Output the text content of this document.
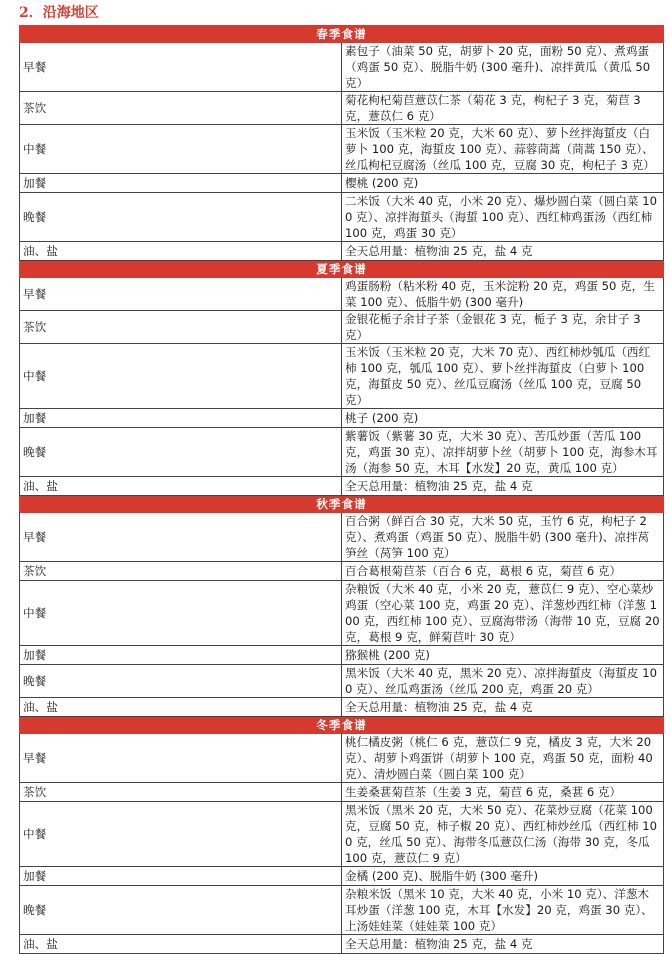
2．沿海地区
春季食谱	
早餐	素包子（油菜 50 克，胡萝卜 20 克，面粉 50 克）、煮鸡蛋（鸡蛋 50 克）、脱脂牛奶 (300 毫升)、凉拌黄瓜（黄瓜 50 克）
茶饮	菊花枸杞菊苣薏苡仁茶（菊花 3 克，枸杞子 3 克，菊苣 3 克，薏苡仁 6 克）
中餐	玉米饭（玉米粒 20 克，大米 60 克）、萝卜丝拌海蜇皮（白萝卜 100 克，海蜇皮 100 克）、蒜蓉茼蒿（茼蒿 150 克）、丝瓜枸杞豆腐汤（丝瓜 100 克，豆腐 30 克，枸杞子 3 克）
加餐	樱桃 (200 克)
晚餐	二米饭（大米 40 克，小米 20 克）、爆炒圆白菜（圆白菜 100 克）、凉拌海蜇头（海蜇 100 克）、西红柿鸡蛋汤（西红柿 100 克，鸡蛋 30 克）
油、盐	全天总用量：植物油 25 克，盐 4 克
夏季食谱	
早餐	鸡蛋肠粉（粘米粉 40 克，玉米淀粉 20 克，鸡蛋 50 克，生菜 100 克）、低脂牛奶 (300 毫升)
茶饮	金银花栀子余甘子茶（金银花 3 克，栀子 3 克，余甘子 3 克）
中餐	玉米饭（玉米粒 20 克，大米 70 克）、西红柿炒瓠瓜（西红柿 100 克，瓠瓜 100 克）、萝卜丝拌海蜇皮（白萝卜 100 克，海蜇皮 50 克）、丝瓜豆腐汤（丝瓜 100 克，豆腐 50 克）
加餐	桃子 (200 克)
晚餐	紫薯饭（紫薯 30 克，大米 30 克）、苦瓜炒蛋（苦瓜 100 克，鸡蛋 30 克）、凉拌胡萝卜丝（胡萝卜 100 克，海参木耳汤（海参 50 克，木耳【水发】20 克，黄瓜 100 克）
油、盐	全天总用量：植物油 25 克，盐 4 克
秋季食谱	
早餐	百合粥（鲜百合 30 克，大米 50 克，玉竹 6 克，枸杞子 2 克）、煮鸡蛋（鸡蛋 50 克）、脱脂牛奶 (300 毫升)、凉拌莴笋丝（莴笋 100 克）
茶饮	百合葛根菊苣茶（百合 6 克，葛根 6 克，菊苣 6 克）
中餐	杂粮饭（大米 40 克，小米 20 克，薏苡仁 9 克）、空心菜炒鸡蛋（空心菜 100 克，鸡蛋 20 克）、洋葱炒西红柿（洋葱 100 克，西红柿 100 克）、豆腐海带汤（海带 10 克，豆腐 20 克，葛根 9 克，鲜菊苣叶 30 克）
加餐	猕猴桃 (200 克)
晚餐	黑米饭（大米 40 克，黑米 20 克）、凉拌海蜇皮（海蜇皮 100 克）、丝瓜鸡蛋汤（丝瓜 200 克，鸡蛋 20 克）
油、盐	全天总用量：植物油 25 克，盐 4 克
冬季食谱	
早餐	桃仁橘皮粥（桃仁 6 克，薏苡仁 9 克，橘皮 3 克，大米 20 克）、胡萝卜鸡蛋饼（胡萝卜 100 克，鸡蛋 50 克，面粉 40 克）、清炒圆白菜（圆白菜 100 克）
茶饮	生姜桑葚菊苣茶（生姜 3 克，菊苣 6 克，桑葚 6 克）
中餐	黑米饭（黑米 20 克，大米 50 克）、花菜炒豆腐（花菜 100 克，豆腐 50 克，柿子椒 20 克）、西红柿炒丝瓜（西红柿 100 克，丝瓜 50 克）、海带冬瓜薏苡仁汤（海带 30 克，冬瓜 100 克，薏苡仁 9 克）
加餐	金橘 (200 克)、脱脂牛奶 (300 毫升)
晚餐	杂粮米饭（黑米 10 克，大米 40 克，小米 10 克）、洋葱木耳炒蛋（洋葱 100 克，木耳【水发】20 克，鸡蛋 30 克）、上汤娃娃菜（娃娃菜 100 克）
油、盐	全天总用量：植物油 25 克，盐 4 克
